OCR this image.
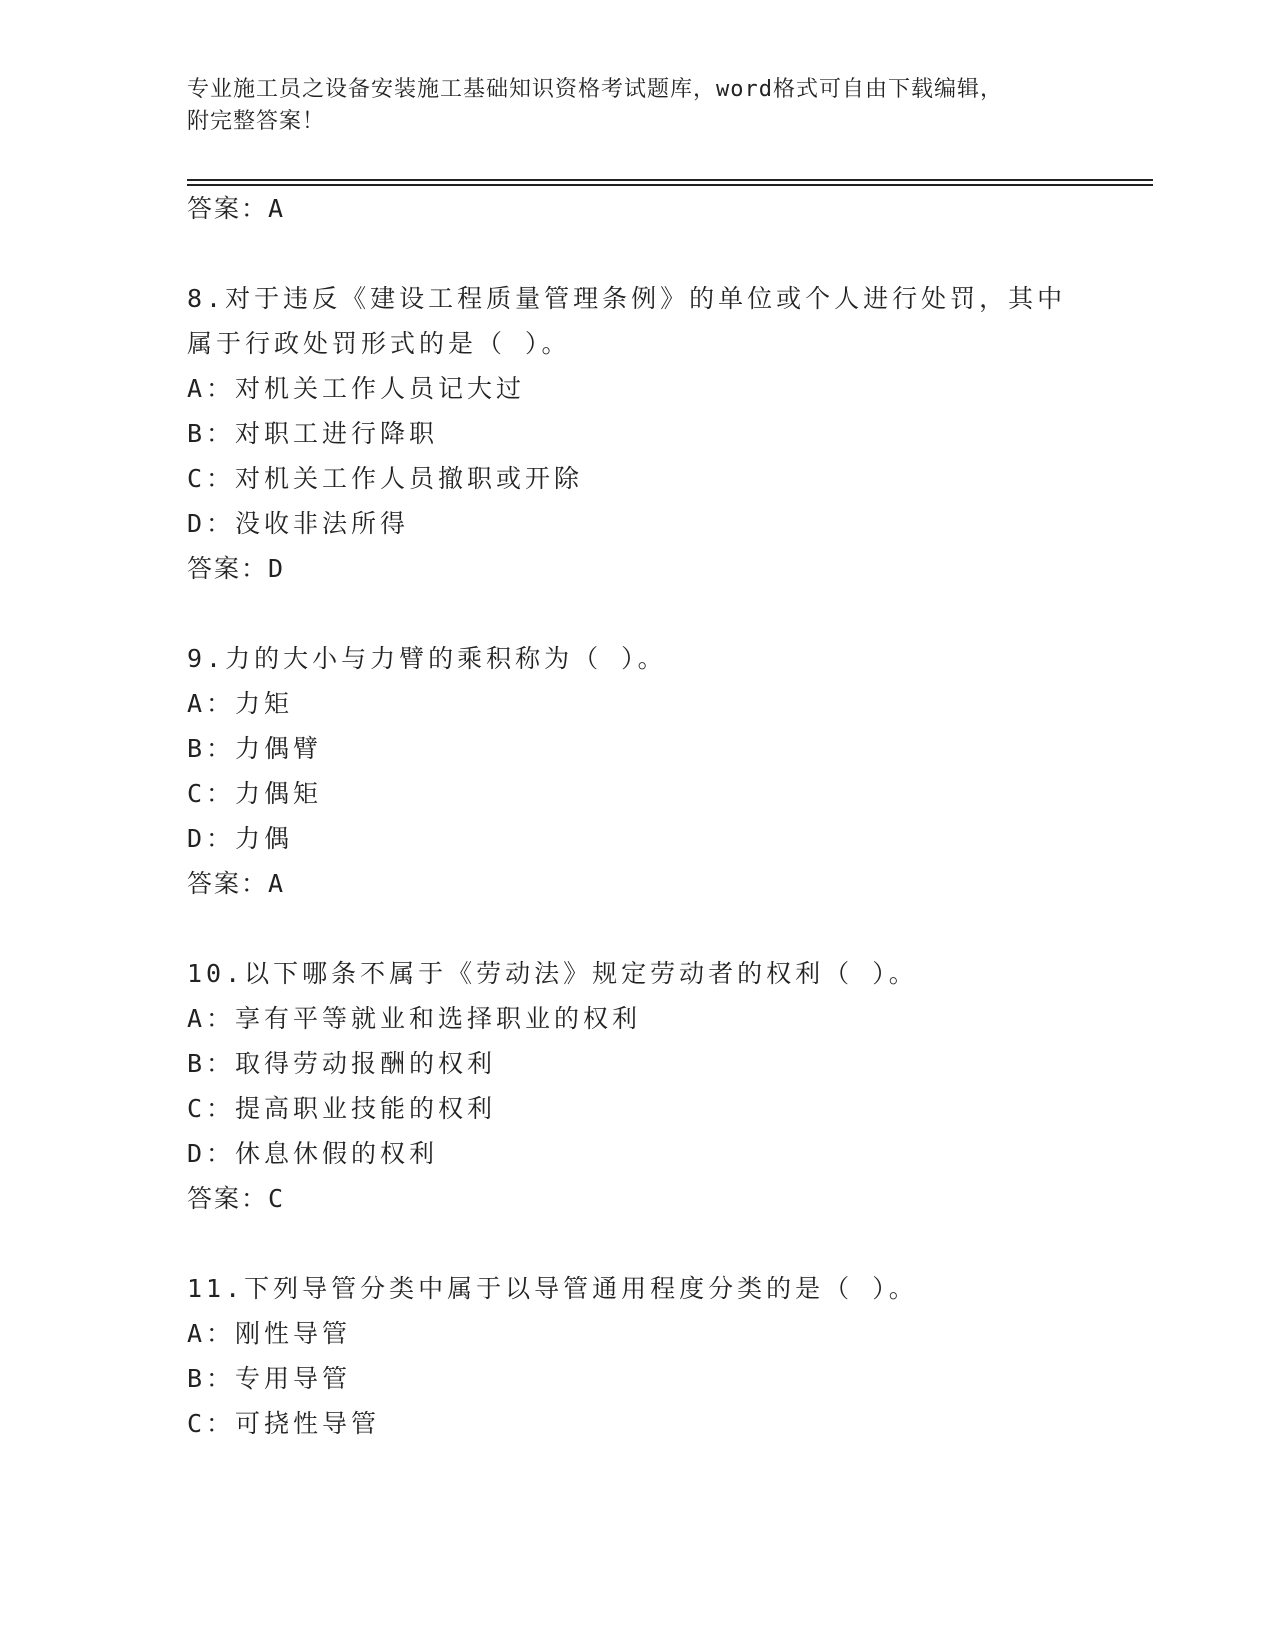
专业施工员之设备安装施工基础知识资格考试题库，word格式可自由下载编辑，
附完整答案！
答案：A
8.对于违反《建设工程质量管理条例》的单位或个人进行处罚，其中
属于行政处罚形式的是（ ）。
A：对机关工作人员记大过
B：对职工进行降职
C：对机关工作人员撤职或开除
D：没收非法所得
答案：D
9.力的大小与力臂的乘积称为（ ）。
A：力矩
B：力偶臂
C：力偶矩
D：力偶
答案：A
10.以下哪条不属于《劳动法》规定劳动者的权利（ ）。
A：享有平等就业和选择职业的权利
B：取得劳动报酬的权利
C：提高职业技能的权利
D：休息休假的权利
答案：C
11.下列导管分类中属于以导管通用程度分类的是（ ）。
A：刚性导管
B：专用导管
C：可挠性导管
